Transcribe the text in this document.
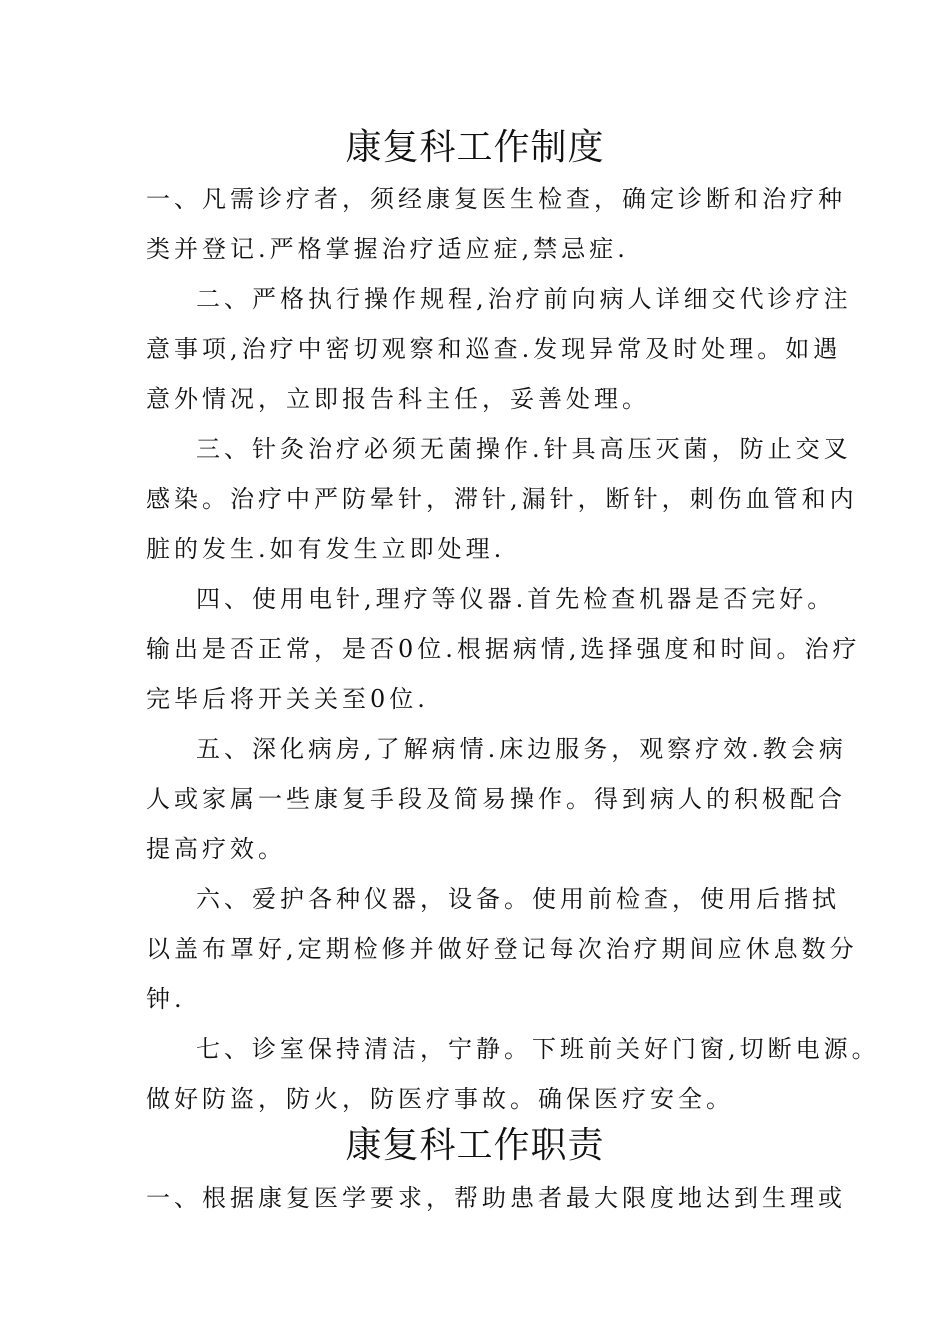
康复科工作制度
一、凡需诊疗者，须经康复医生检查，确定诊断和治疗种
类并登记.严格掌握治疗适应症,禁忌症.
二、严格执行操作规程,治疗前向病人详细交代诊疗注
意事项,治疗中密切观察和巡查.发现异常及时处理。如遇
意外情况，立即报告科主任，妥善处理。
三、针灸治疗必须无菌操作.针具高压灭菌，防止交叉
感染。治疗中严防晕针，滞针,漏针，断针，刺伤血管和内
脏的发生.如有发生立即处理.
四、使用电针,理疗等仪器.首先检查机器是否完好。
输出是否正常，是否0位.根据病情,选择强度和时间。治疗
完毕后将开关关至0位.
五、深化病房,了解病情.床边服务，观察疗效.教会病
人或家属一些康复手段及简易操作。得到病人的积极配合
提高疗效。
六、爱护各种仪器，设备。使用前检查，使用后揩拭
以盖布罩好,定期检修并做好登记每次治疗期间应休息数分
钟.
七、诊室保持清洁，宁静。下班前关好门窗,切断电源。
做好防盗，防火，防医疗事故。确保医疗安全。
康复科工作职责
一、根据康复医学要求，帮助患者最大限度地达到生理或
